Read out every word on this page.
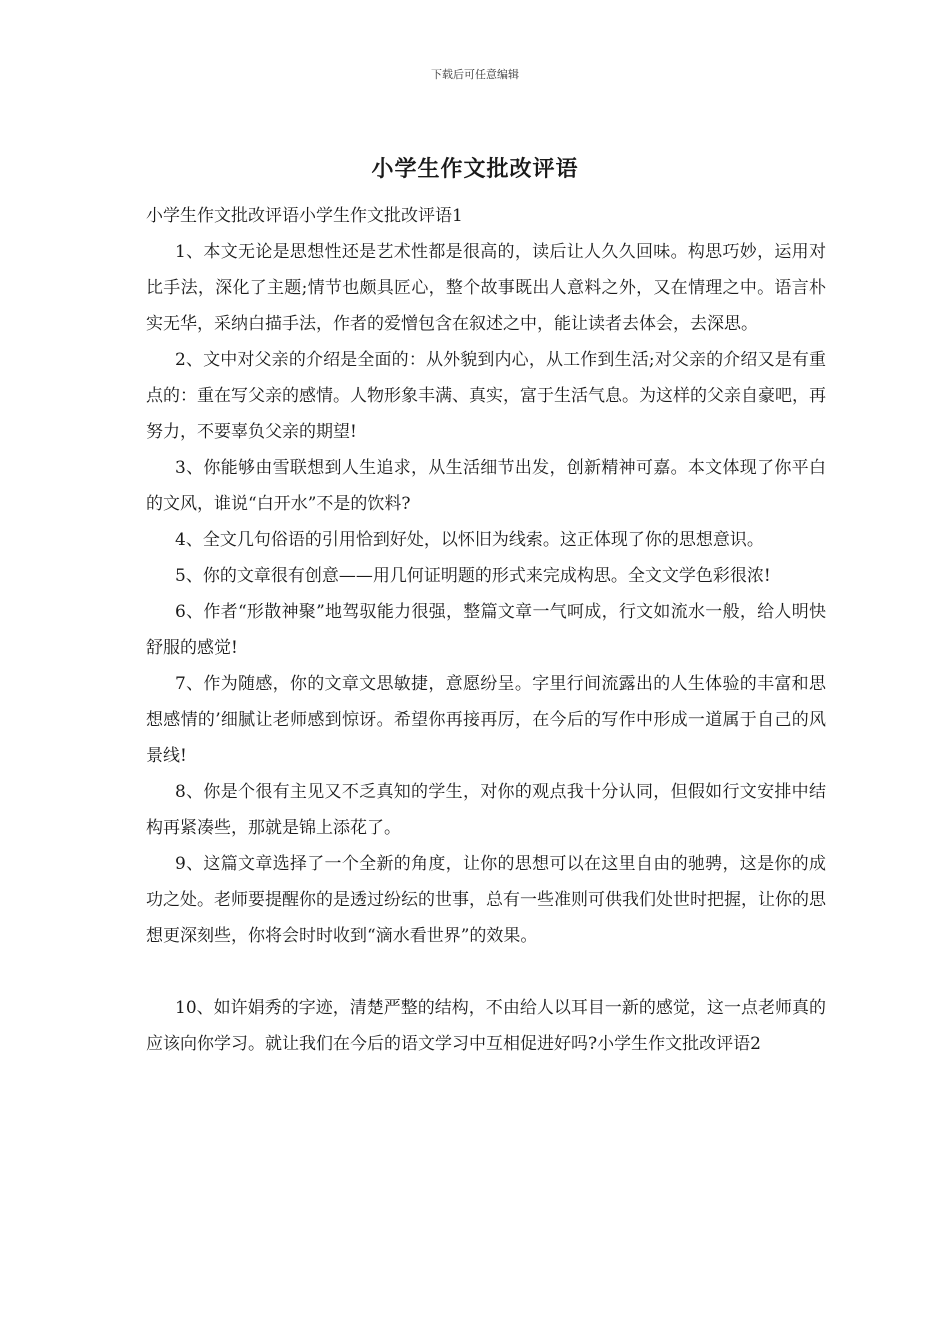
下载后可任意编辑
小学生作文批改评语

小学生作文批改评语小学生作文批改评语1

1、本文无论是思想性还是艺术性都是很高的，读后让人久久回味。构思巧妙，运用对比手法，深化了主题;情节也颇具匠心，整个故事既出人意料之外，又在情理之中。语言朴实无华，采纳白描手法，作者的爱憎包含在叙述之中，能让读者去体会，去深思。

2、文中对父亲的介绍是全面的：从外貌到内心，从工作到生活;对父亲的介绍又是有重点的：重在写父亲的感情。人物形象丰满、真实，富于生活气息。为这样的父亲自豪吧，再努力，不要辜负父亲的期望!

3、你能够由雪联想到人生追求，从生活细节出发，创新精神可嘉。本文体现了你平白的文风，谁说“白开水”不是的饮料?

4、全文几句俗语的引用恰到好处，以怀旧为线索。这正体现了你的思想意识。

5、你的文章很有创意——用几何证明题的形式来完成构思。全文文学色彩很浓!

6、作者“形散神聚”地驾驭能力很强，整篇文章一气呵成，行文如流水一般，给人明快舒服的感觉!

7、作为随感，你的文章文思敏捷，意愿纷呈。字里行间流露出的人生体验的丰富和思想感情的’细腻让老师感到惊讶。希望你再接再厉，在今后的写作中形成一道属于自己的风景线!

8、你是个很有主见又不乏真知的学生，对你的观点我十分认同，但假如行文安排中结构再紧凑些，那就是锦上添花了。

9、这篇文章选择了一个全新的角度，让你的思想可以在这里自由的驰骋，这是你的成功之处。老师要提醒你的是透过纷纭的世事，总有一些准则可供我们处世时把握，让你的思想更深刻些，你将会时时收到“滴水看世界”的效果。

10、如许娟秀的字迹，清楚严整的结构，不由给人以耳目一新的感觉，这一点老师真的应该向你学习。就让我们在今后的语文学习中互相促进好吗?小学生作文批改评语2
